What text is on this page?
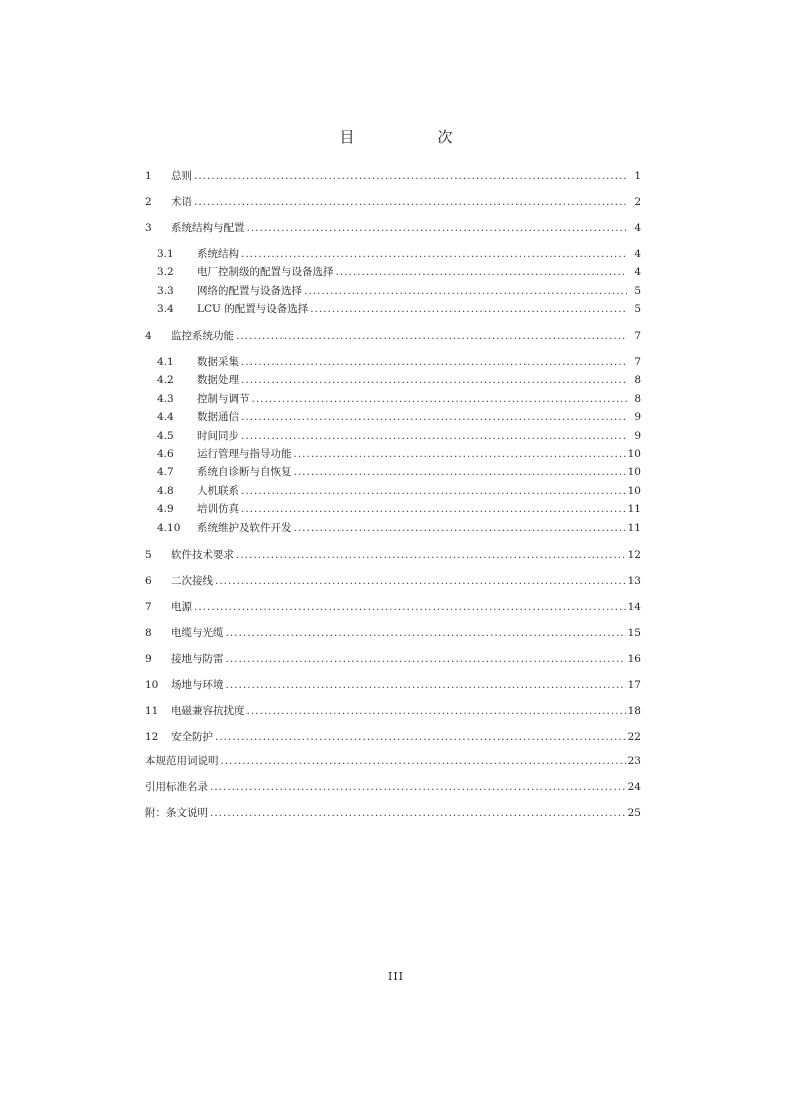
目　次
1	总则 .....	1
2	术语 .....	2
3	系统结构与配置 .....	4
3.1	系统结构 .....	4
3.2	电厂控制级的配置与设备选择 .....	4
3.3	网络的配置与设备选择 .....	5
3.4	LCU 的配置与设备选择 .....	5
4	监控系统功能 .....	7
4.1	数据采集 .....	7
4.2	数据处理 .....	8
4.3	控制与调节 .....	8
4.4	数据通信 .....	9
4.5	时间同步 .....	9
4.6	运行管理与指导功能 .....	10
4.7	系统自诊断与自恢复 .....	10
4.8	人机联系 .....	10
4.9	培训仿真 .....	11
4.10	系统维护及软件开发 .....	11
5	软件技术要求 .....	12
6	二次接线 .....	13
7	电源 .....	14
8	电缆与光缆 .....	15
9	接地与防雷 .....	16
10	场地与环境 .....	17
11	电磁兼容抗扰度 .....	18
12	安全防护 .....	22
本规范用词说明 .....	23
引用标准名录 .....	24
附：条文说明 .....	25
III
